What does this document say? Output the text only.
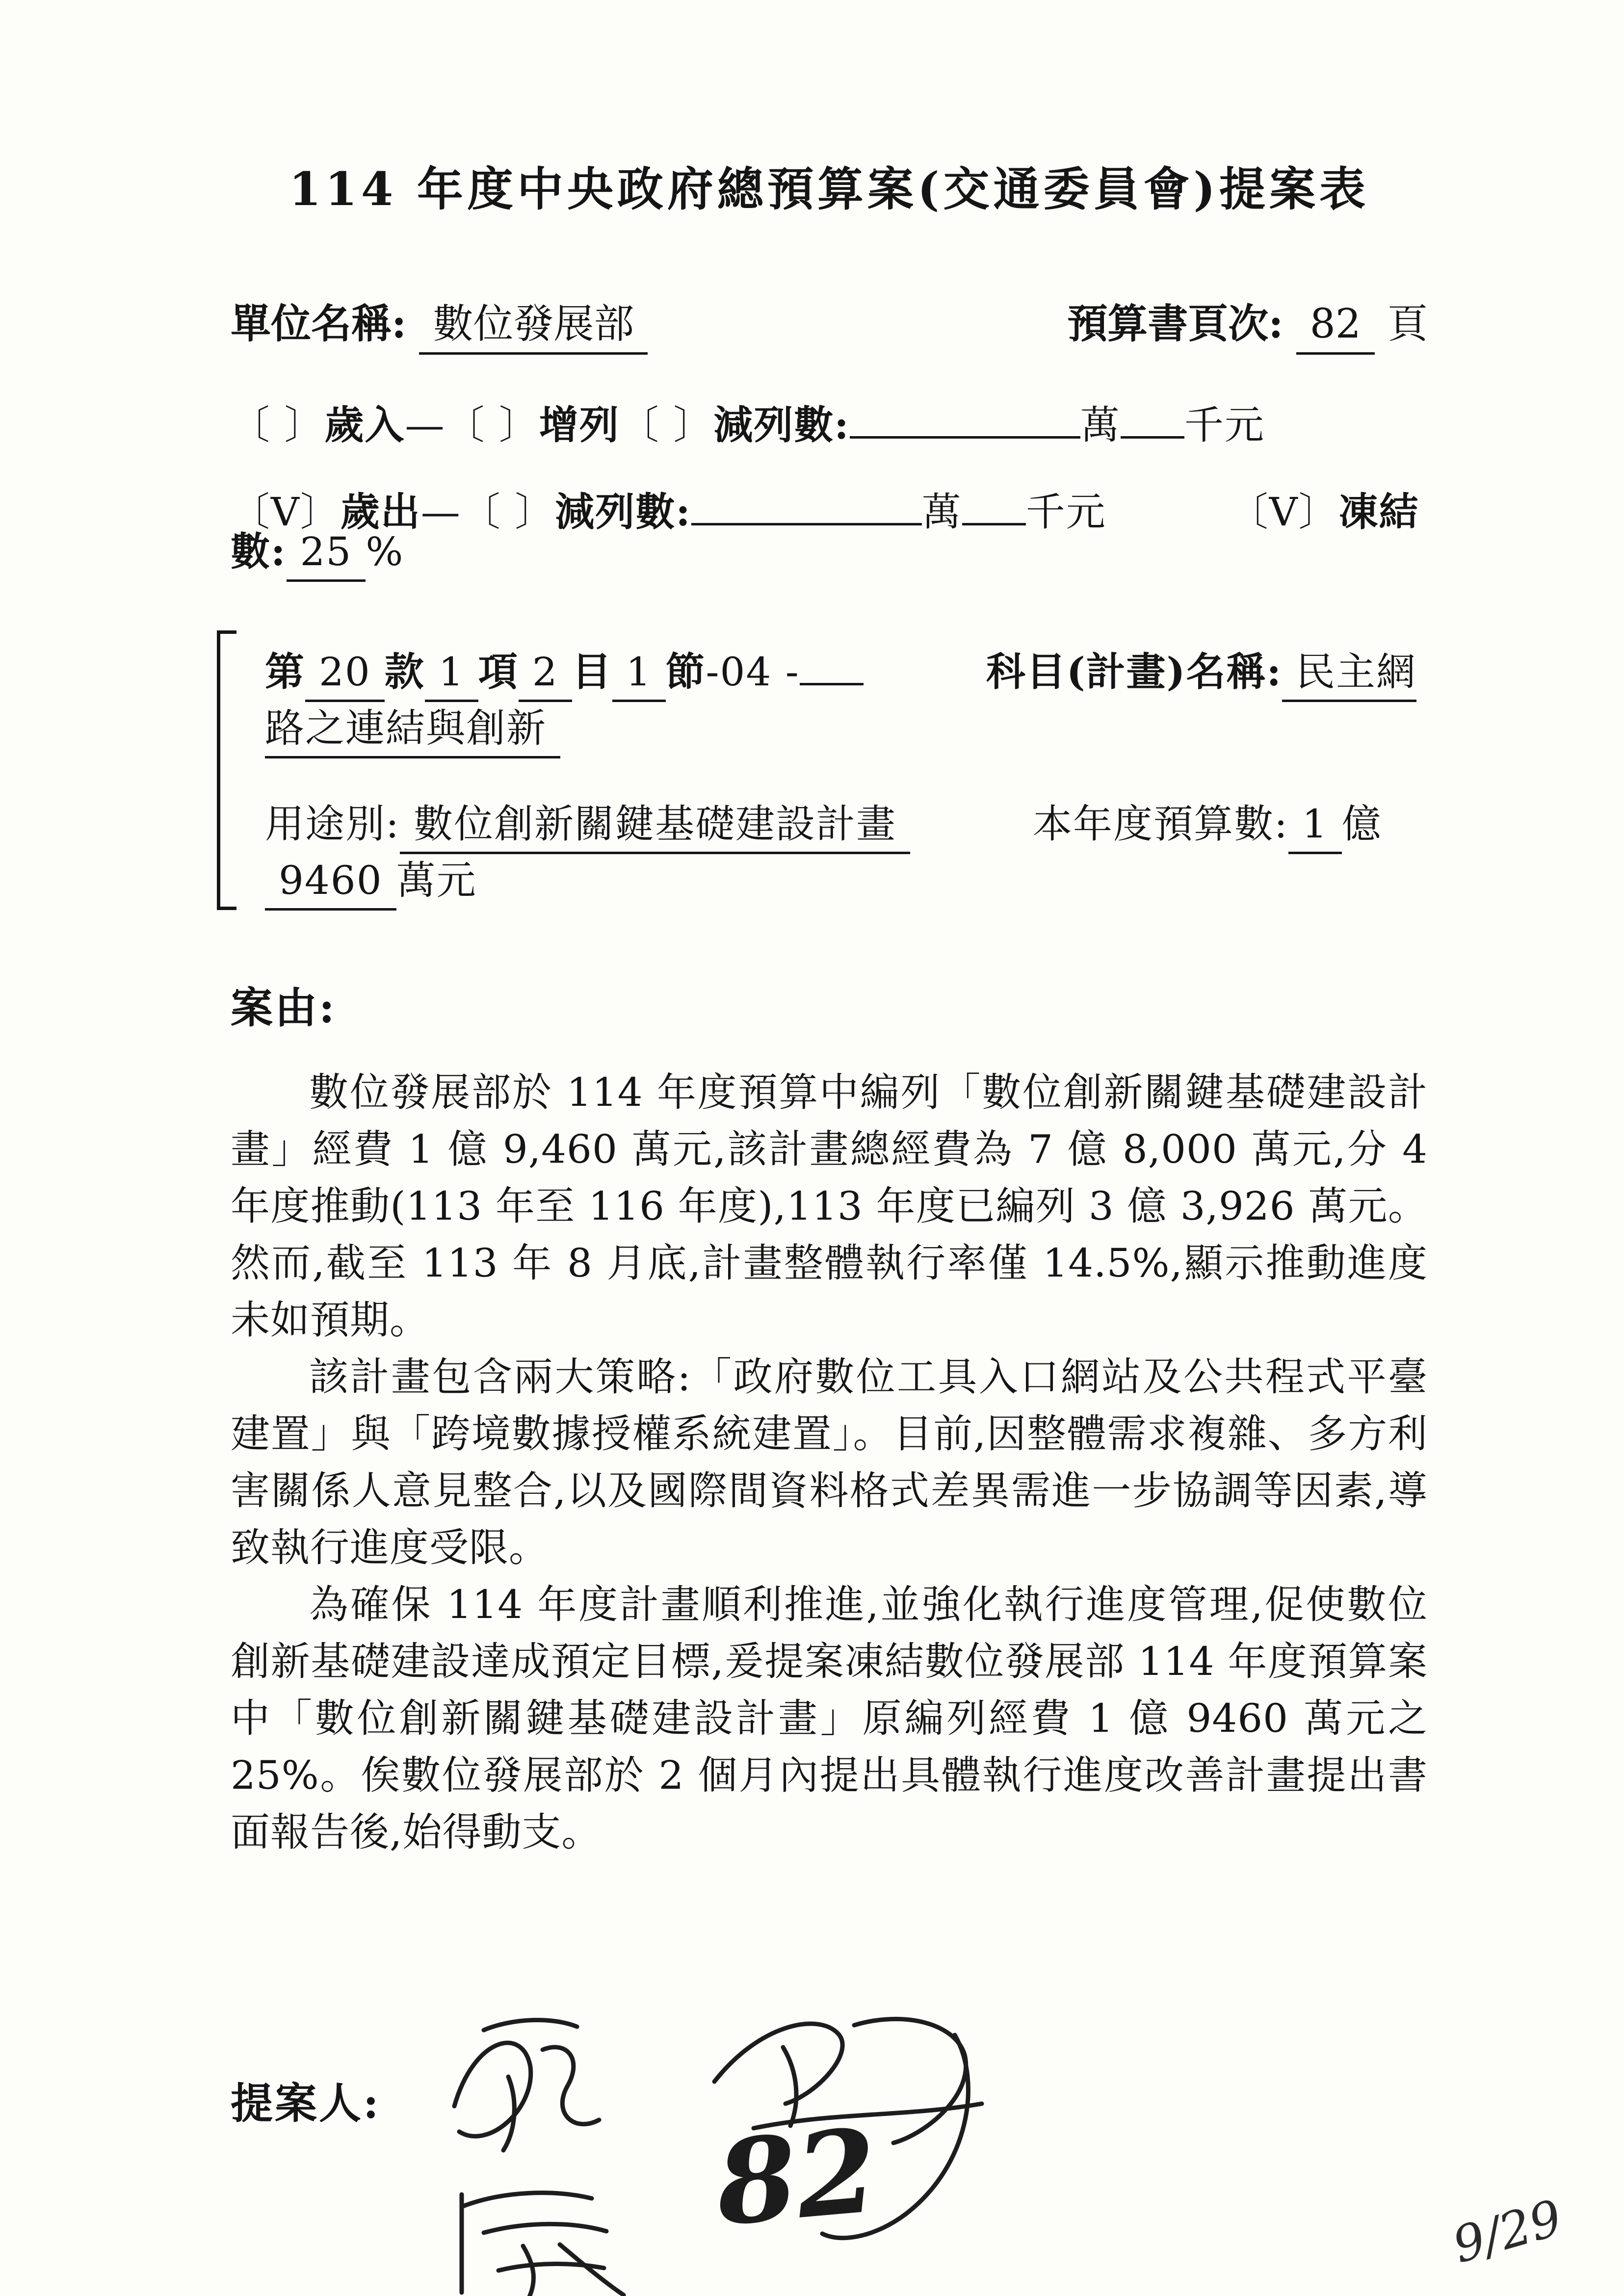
114 年度中央政府總預算案(交通委員會)提案表
單位名稱: 數位發展部	預算書頁次: 82 頁
〔 〕歲入—〔 〕增列〔 〕減列數:	萬 千元
〔V〕歲出—〔 〕減列數:	萬 千元	〔V〕凍結數: 25 %
第 20 款 1 項 2 目 1 節-04 -	科目(計畫)名稱: 民主網路之連結與創新
用途別: 數位創新關鍵基礎建設計畫	本年度預算數: 1 億9460 萬元
案由:

數位發展部於 114 年度預算中編列「數位創新關鍵基礎建設計畫」經費 1 億 9,460 萬元,該計畫總經費為 7 億 8,000 萬元,分 4 年度推動(113 年至 116 年度),113 年度已編列 3 億 3,926 萬元。然而,截至 113 年 8 月底,計畫整體執行率僅 14.5%,顯示推動進度未如預期。

該計畫包含兩大策略:「政府數位工具入口網站及公共程式平臺建置」與「跨境數據授權系統建置」。目前,因整體需求複雜、多方利害關係人意見整合,以及國際間資料格式差異需進一步協調等因素,導致執行進度受限。

為確保 114 年度計畫順利推進,並強化執行進度管理,促使數位創新基礎建設達成預定目標,爰提案凍結數位發展部 114 年度預算案中「數位創新關鍵基礎建設計畫」原編列經費 1 億 9460 萬元之 25%。俟數位發展部於 2 個月內提出具體執行進度改善計畫提出書面報告後,始得動支。

提案人:	82	9/29
